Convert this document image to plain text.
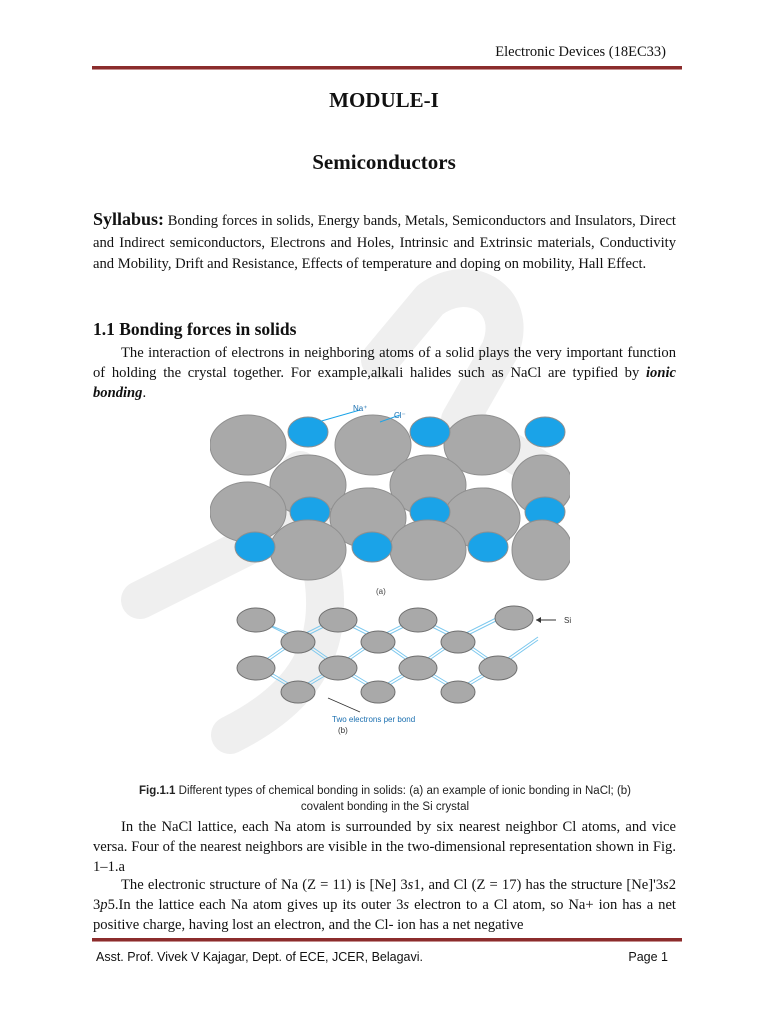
Electronic Devices (18EC33)
MODULE-I
Semiconductors
Syllabus: Bonding forces in solids, Energy bands, Metals, Semiconductors and Insulators, Direct and Indirect semiconductors, Electrons and Holes, Intrinsic and Extrinsic materials, Conductivity and Mobility, Drift and Resistance, Effects of temperature and doping on mobility, Hall Effect.
1.1 Bonding forces in solids
The interaction of electrons in neighboring atoms of a solid plays the very important function of holding the crystal together. For example,alkali halides such as NaCl are typified by ionic bonding.
Na⁺
Cl⁻
(a)
Si
Two electrons per bond
(b)
Fig.1.1 Different types of chemical bonding in solids: (a) an example of ionic bonding in NaCl; (b) covalent bonding in the Si crystal
In the NaCl lattice, each Na atom is surrounded by six nearest neighbor Cl atoms, and vice versa. Four of the nearest neighbors are visible in the two-dimensional representation shown in Fig. 1–1.a
The electronic structure of Na (Z = 11) is [Ne] 3s1, and Cl (Z = 17) has the structure [Ne]'3s2 3p5.In the lattice each Na atom gives up its outer 3s electron to a Cl atom, so Na+ ion has a net positive charge, having lost an electron, and the Cl- ion has a net negative
Asst. Prof. Vivek V Kajagar, Dept. of ECE, JCER, Belagavi.	Page 1
